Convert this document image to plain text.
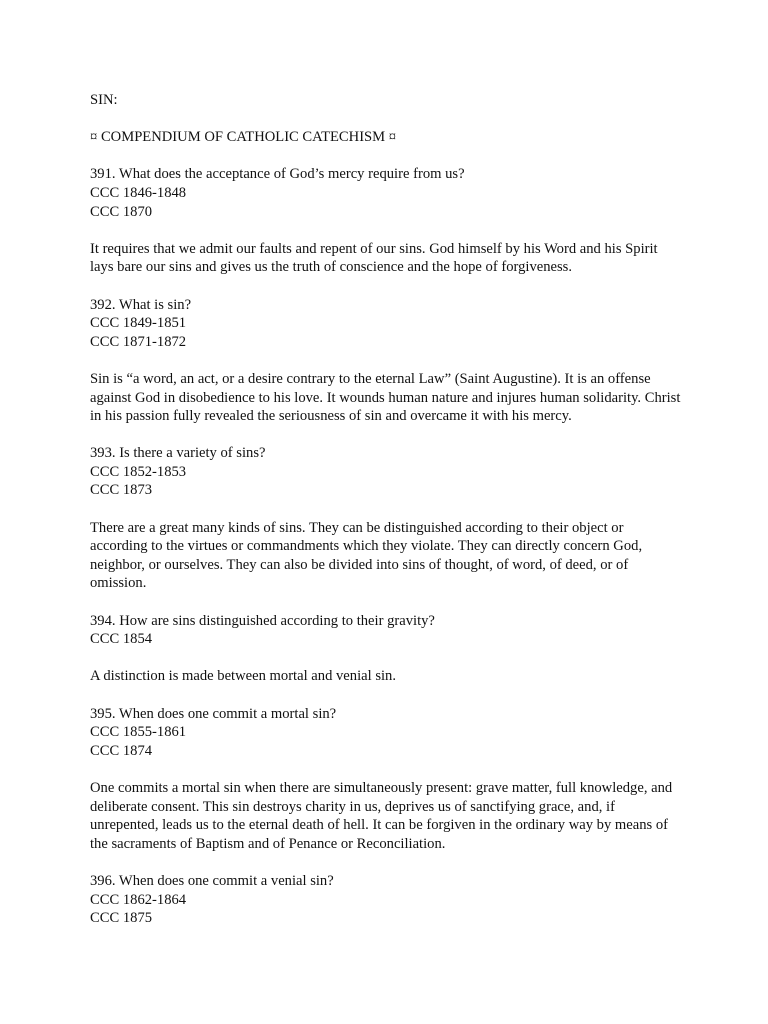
SIN:
¤ COMPENDIUM OF CATHOLIC CATECHISM ¤
391. What does the acceptance of God’s mercy require from us?
CCC 1846-1848
CCC 1870
It requires that we admit our faults and repent of our sins. God himself by his Word and his Spirit
lays bare our sins and gives us the truth of conscience and the hope of forgiveness.
392. What is sin?
CCC 1849-1851
CCC 1871-1872
Sin is “a word, an act, or a desire contrary to the eternal Law” (Saint Augustine). It is an offense
against God in disobedience to his love. It wounds human nature and injures human solidarity. Christ
in his passion fully revealed the seriousness of sin and overcame it with his mercy.
393. Is there a variety of sins?
CCC 1852-1853
CCC 1873
There are a great many kinds of sins. They can be distinguished according to their object or
according to the virtues or commandments which they violate. They can directly concern God,
neighbor, or ourselves. They can also be divided into sins of thought, of word, of deed, or of
omission.
394. How are sins distinguished according to their gravity?
CCC 1854
A distinction is made between mortal and venial sin.
395. When does one commit a mortal sin?
CCC 1855-1861
CCC 1874
One commits a mortal sin when there are simultaneously present: grave matter, full knowledge, and
deliberate consent. This sin destroys charity in us, deprives us of sanctifying grace, and, if
unrepented, leads us to the eternal death of hell. It can be forgiven in the ordinary way by means of
the sacraments of Baptism and of Penance or Reconciliation.
396. When does one commit a venial sin?
CCC 1862-1864
CCC 1875
